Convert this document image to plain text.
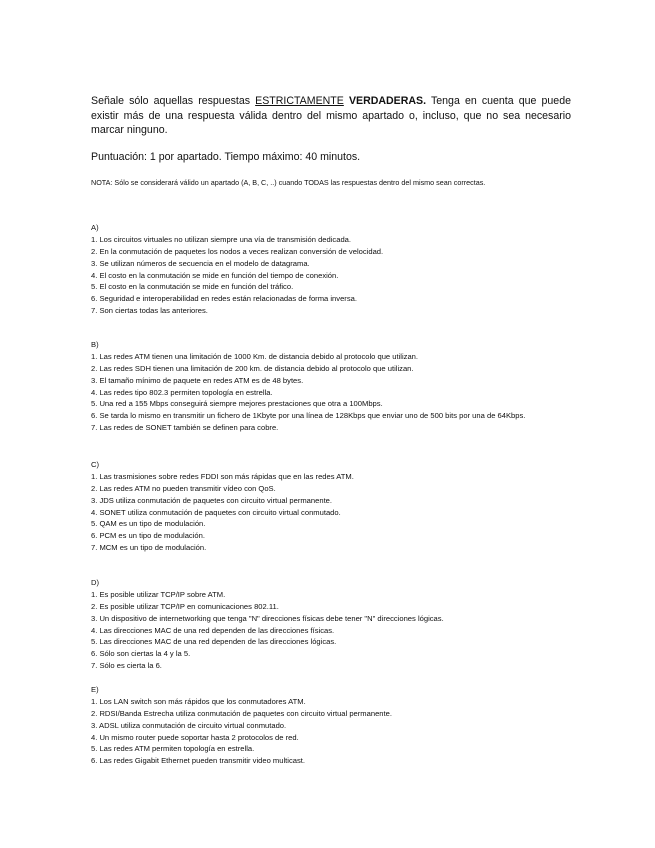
Señale sólo aquellas respuestas ESTRICTAMENTE VERDADERAS. Tenga en cuenta que puede existir más de una respuesta válida dentro del mismo apartado o, incluso, que no sea necesario marcar ninguno.
Puntuación: 1 por apartado. Tiempo máximo: 40 minutos.
NOTA: Sólo se considerará válido un apartado (A, B, C, ..) cuando TODAS las respuestas dentro del mismo sean correctas.
A)
1. Los circuitos virtuales no utilizan siempre una vía de transmisión dedicada.
2. En la conmutación de paquetes los nodos a veces realizan conversión de velocidad.
3. Se utilizan números de secuencia en el modelo de datagrama.
4. El costo en la conmutación se mide en función del tiempo de conexión.
5. El costo en la conmutación se mide en función del tráfico.
6. Seguridad e interoperabilidad en redes están relacionadas de forma inversa.
7. Son ciertas todas las anteriores.
B)
1. Las redes ATM tienen una limitación de 1000 Km. de distancia debido al protocolo que utilizan.
2. Las redes SDH tienen una limitación de 200 km. de distancia debido al protocolo que utilizan.
3. El tamaño mínimo de paquete en redes ATM es de 48 bytes.
4. Las redes tipo 802.3 permiten topología en estrella.
5. Una red a 155 Mbps conseguirá siempre mejores prestaciones que otra a 100Mbps.
6. Se tarda lo mismo en transmitir un fichero de 1Kbyte por una línea de 128Kbps que enviar uno de 500 bits por una de 64Kbps.
7. Las redes de SONET también se definen para cobre.
C)
1. Las trasmisiones sobre redes FDDI son más rápidas que en las redes ATM.
2. Las redes ATM no pueden transmitir vídeo con QoS.
3. JDS utiliza conmutación de paquetes con circuito virtual permanente.
4. SONET utiliza conmutación de paquetes con circuito virtual conmutado.
5. QAM es un tipo de modulación.
6. PCM es un tipo de modulación.
7. MCM es un tipo de modulación.
D)
1. Es posible utilizar TCP/IP sobre ATM.
2. Es posible utilizar TCP/IP en comunicaciones 802.11.
3. Un dispositivo de internetworking que tenga "N" direcciones físicas debe tener "N" direcciones lógicas.
4. Las direcciones MAC de una red dependen de las direcciones físicas.
5. Las direcciones MAC de una red dependen de las direcciones lógicas.
6. Sólo son ciertas la 4 y la 5.
7. Sólo es cierta la 6.
E)
1. Los LAN switch son más rápidos que los conmutadores ATM.
2. RDSI/Banda Estrecha utiliza conmutación de paquetes con circuito virtual permanente.
3. ADSL utiliza conmutación de circuito virtual conmutado.
4. Un mismo router puede soportar hasta 2 protocolos de red.
5. Las redes ATM permiten topología en estrella.
6. Las redes Gigabit Ethernet pueden transmitir video multicast.
